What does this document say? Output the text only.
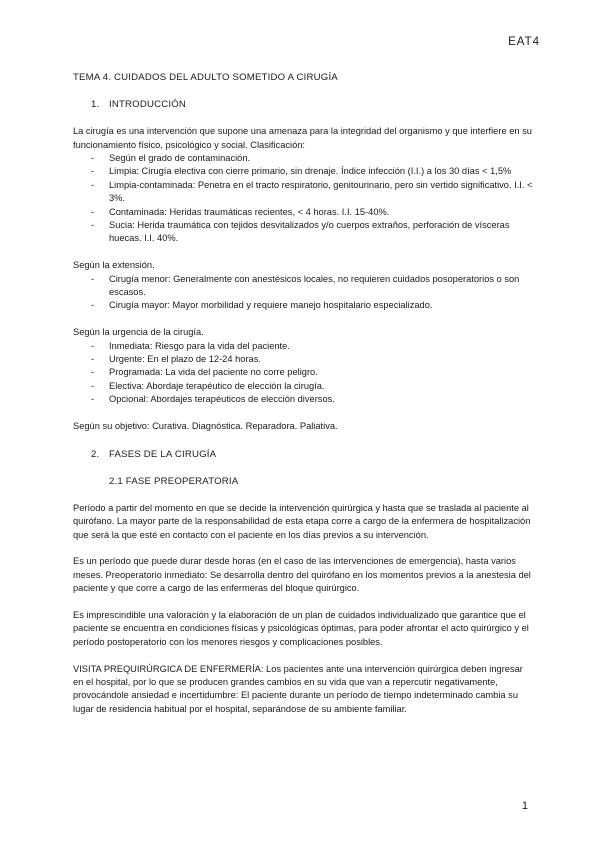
EAT4
TEMA 4. CUIDADOS DEL ADULTO SOMETIDO A CIRUGÍA
1. INTRODUCCIÓN

La cirugía es una intervención que supone una amenaza para la integridad del organismo y que interfiere en su funcionamiento físico, psicológico y social. Clasificación:

- Según el grado de contaminación.
- Limpia: Cirugía electiva con cierre primario, sin drenaje. Índice infección (I.I.) a los 30 días < 1,5%
- Limpia-contaminada: Penetra en el tracto respiratorio, genitourinario, pero sin vertido significativo. I.I. < 3%.
- Contaminada: Heridas traumáticas recientes, < 4 horas. I.I. 15-40%.
- Sucia: Herida traumática con tejidos desvitalizados y/o cuerpos extraños, perforación de vísceras huecas. I.I. 40%.

Según la extensión.

- Cirugía menor: Generalmente con anestésicos locales, no requieren cuidados posoperatorios o son escasos.
- Cirugía mayor: Mayor morbilidad y requiere manejo hospitalario especializado.

Según la urgencia de la cirugía.

- Inmediata: Riesgo para la vida del paciente.
- Urgente: En el plazo de 12-24 horas.
- Programada: La vida del paciente no corre peligro.
- Electiva: Abordaje terapéutico de elección la cirugía.
- Opcional: Abordajes terapéuticos de elección diversos.

Según su objetivo: Curativa. Diagnóstica. Reparadora. Paliativa.

2. FASES DE LA CIRUGÍA
2.1 FASE PREOPERATORIA

Período a partir del momento en que se decide la intervención quirúrgica y hasta que se traslada al paciente al quirófano. La mayor parte de la responsabilidad de esta etapa corre a cargo de la enfermera de hospitalización que será la que esté en contacto con el paciente en los días previos a su intervención.

Es un período que puede durar desde horas (en el caso de las intervenciones de emergencia), hasta varios meses. Preoperatorio inmediato: Se desarrolla dentro del quirófano en los momentos previos a la anestesia del paciente y que corre a cargo de las enfermeras del bloque quirúrgico.

Es imprescindible una valoración y la elaboración de un plan de cuidados individualizado que garantice que el paciente se encuentra en condiciones físicas y psicológicas óptimas, para poder afrontar el acto quirúrgico y el período postoperatorio con los menores riesgos y complicaciones posibles.

VISITA PREQUIRÚRGICA DE ENFERMERÍA: Los pacientes ante una intervención quirúrgica deben ingresar en el hospital, por lo que se producen grandes cambios en su vida que van a repercutir negativamente, provocándole ansiedad e incertidumbre: El paciente durante un período de tiempo indeterminado cambia su lugar de residencia habitual por el hospital, separándose de su ambiente familiar.

1
